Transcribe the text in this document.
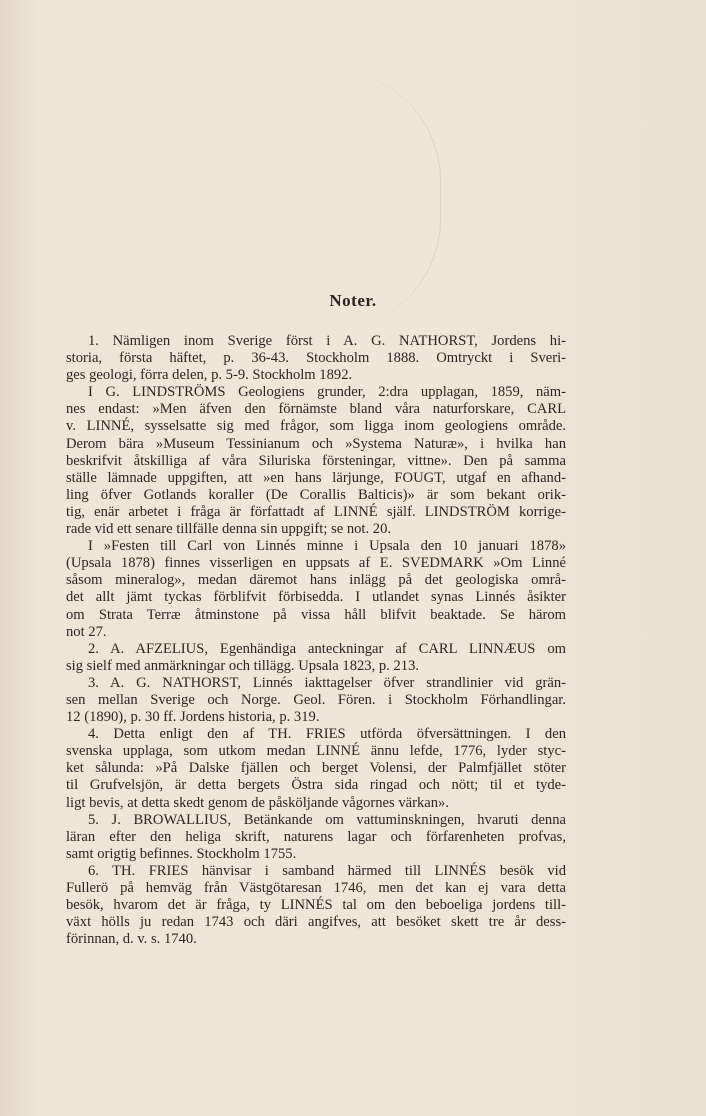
Noter.
1. Nämligen inom Sverige först i A. G. NATHORST, Jordens hi-
storia, första häftet, p. 36-43. Stockholm 1888. Omtryckt i Sveri-
ges geologi, förra delen, p. 5-9. Stockholm 1892.
I G. LINDSTRÖMS Geologiens grunder, 2:dra upplagan, 1859, näm-
nes endast: »Men äfven den förnämste bland våra naturforskare, CARL
v. LINNÉ, sysselsatte sig med frågor, som ligga inom geologiens område.
Derom bära »Museum Tessinianum och »Systema Naturæ», i hvilka han
beskrifvit åtskilliga af våra Siluriska försteningar, vittne». Den på samma
ställe lämnade uppgiften, att »en hans lärjunge, FOUGT, utgaf en afhand-
ling öfver Gotlands koraller (De Corallis Balticis)» är som bekant orik-
tig, enär arbetet i fråga är författadt af LINNÉ själf. LINDSTRÖM korrige-
rade vid ett senare tillfälle denna sin uppgift; se not. 20.
I »Festen till Carl von Linnés minne i Upsala den 10 januari 1878»
(Upsala 1878) finnes visserligen en uppsats af E. SVEDMARK »Om Linné
såsom mineralog», medan däremot hans inlägg på det geologiska områ-
det allt jämt tyckas förblifvit förbisedda. I utlandet synas Linnés åsikter
om Strata Terræ åtminstone på vissa håll blifvit beaktade. Se härom
not 27.
2. A. AFZELIUS, Egenhändiga anteckningar af CARL LINNÆUS om
sig sielf med anmärkningar och tillägg. Upsala 1823, p. 213.
3. A. G. NATHORST, Linnés iakttagelser öfver strandlinier vid grän-
sen mellan Sverige och Norge. Geol. Fören. i Stockholm Förhandlingar.
12 (1890), p. 30 ff. Jordens historia, p. 319.
4. Detta enligt den af TH. FRIES utförda öfversättningen. I den
svenska upplaga, som utkom medan LINNÉ ännu lefde, 1776, lyder styc-
ket sålunda: »På Dalske fjällen och berget Volensi, der Palmfjället stöter
til Grufvelsjön, är detta bergets Östra sida ringad och nött; til et tyde-
ligt bevis, at detta skedt genom de påsköljande vågornes värkan».
5. J. BROWALLIUS, Betänkande om vattuminskningen, hvaruti denna
läran efter den heliga skrift, naturens lagar och förfarenheten profvas,
samt origtig befinnes. Stockholm 1755.
6. TH. FRIES hänvisar i samband härmed till LINNÉS besök vid
Fullerö på hemväg från Västgötaresan 1746, men det kan ej vara detta
besök, hvarom det är fråga, ty LINNÉS tal om den beboeliga jordens till-
växt hölls ju redan 1743 och däri angifves, att besöket skett tre år dess-
förinnan, d. v. s. 1740.
